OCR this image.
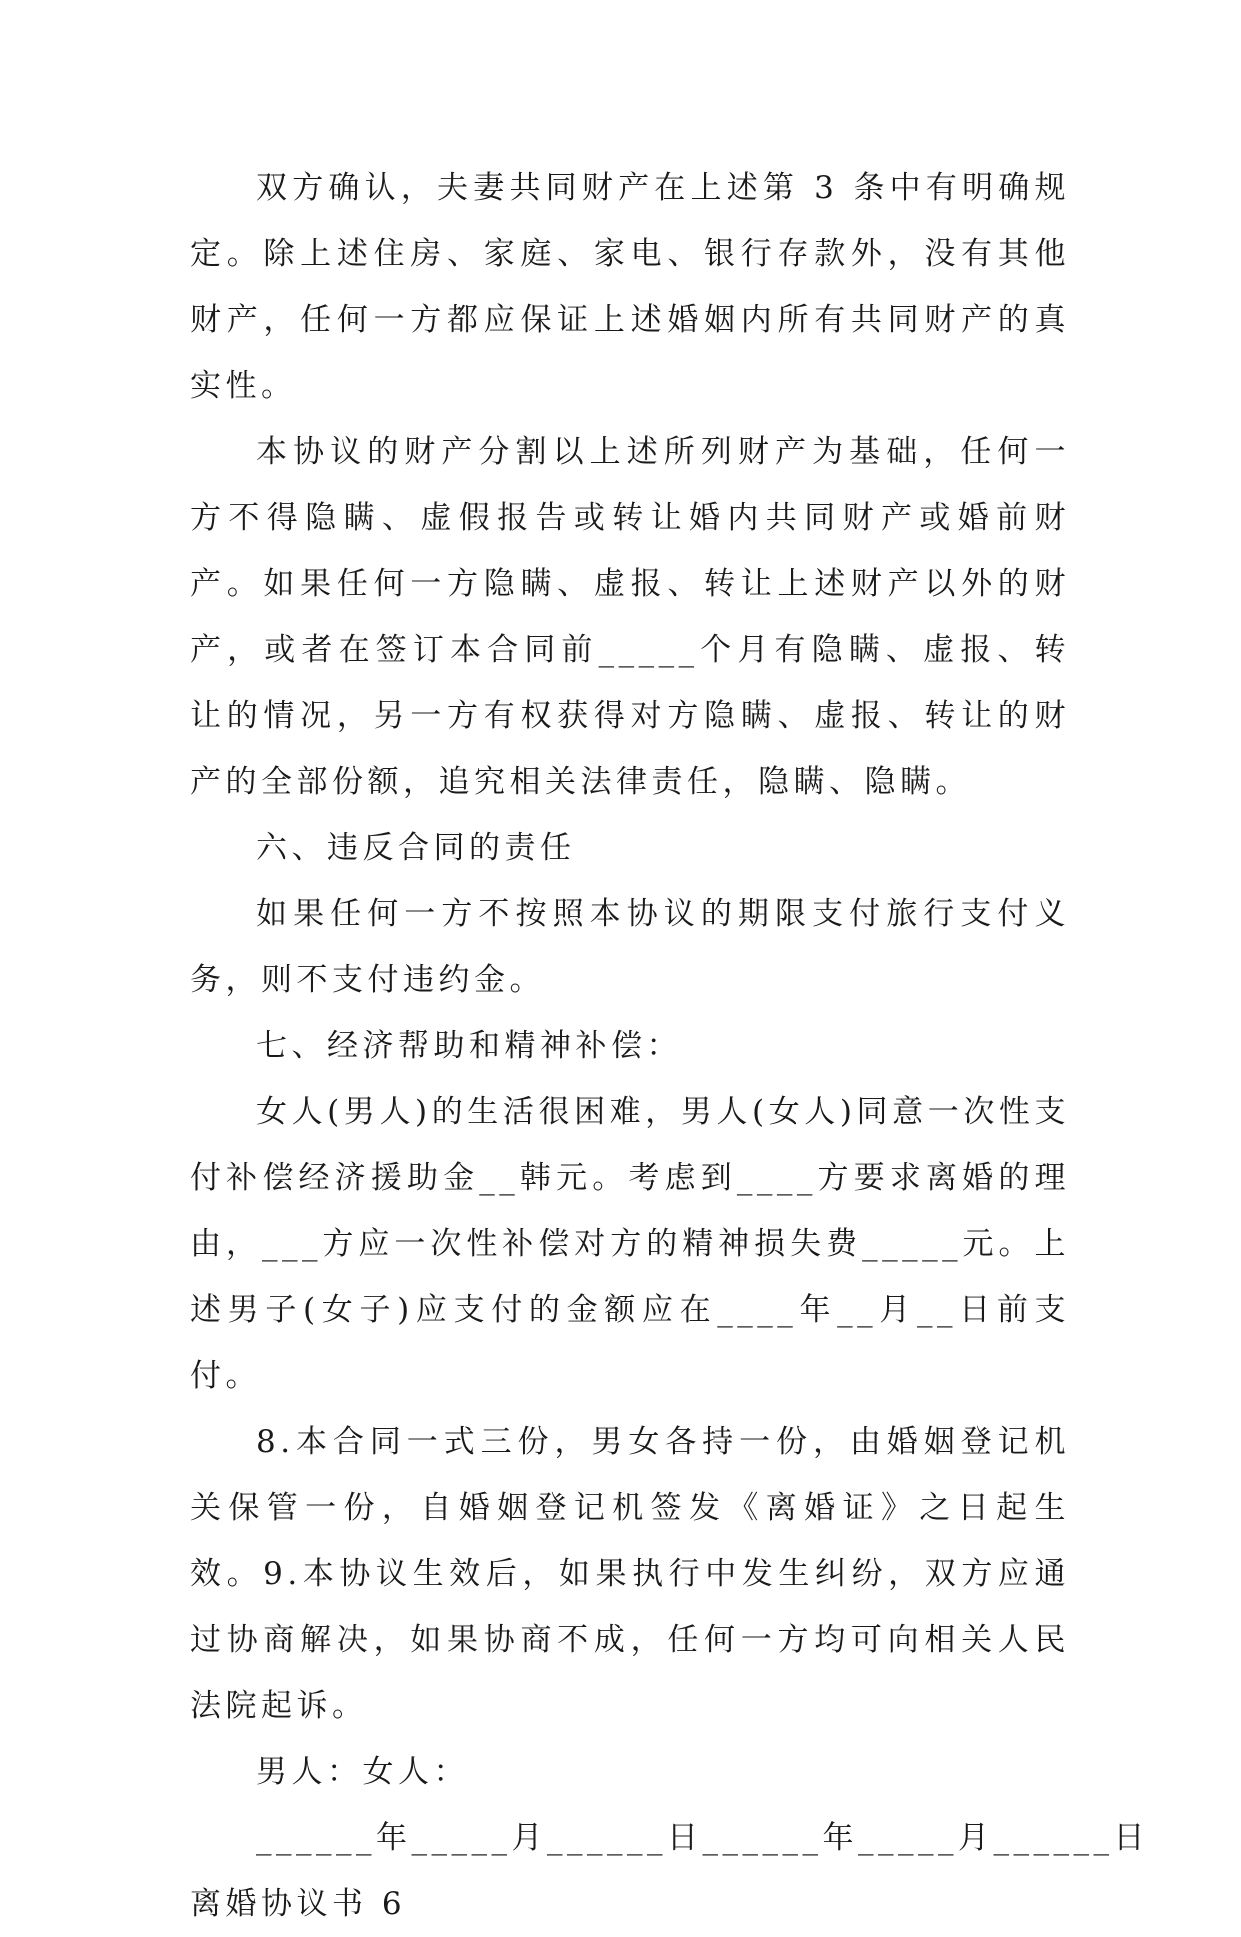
双方确认，夫妻共同财产在上述第 3 条中有明确规定。除上述住房、家庭、家电、银行存款外，没有其他财产，任何一方都应保证上述婚姻内所有共同财产的真实性。

本协议的财产分割以上述所列财产为基础，任何一方不得隐瞒、虚假报告或转让婚内共同财产或婚前财产。如果任何一方隐瞒、虚报、转让上述财产以外的财产，或者在签订本合同前_____个月有隐瞒、虚报、转让的情况，另一方有权获得对方隐瞒、虚报、转让的财产的全部份额，追究相关法律责任，隐瞒、隐瞒。

六、违反合同的责任

如果任何一方不按照本协议的期限支付旅行支付义务，则不支付违约金。

七、经济帮助和精神补偿：

女人(男人)的生活很困难，男人(女人)同意一次性支付补偿经济援助金__韩元。考虑到____方要求离婚的理由，___方应一次性补偿对方的精神损失费_____元。上述男子(女子)应支付的金额应在____年__月__日前支付。

8.本合同一式三份，男女各持一份，由婚姻登记机关保管一份，自婚姻登记机签发《离婚证》之日起生效。9.本协议生效后，如果执行中发生纠纷，双方应通过协商解决，如果协商不成，任何一方均可向相关人民法院起诉。

男人：女人：

______年_____月______日______年_____月______日

离婚协议书 6
